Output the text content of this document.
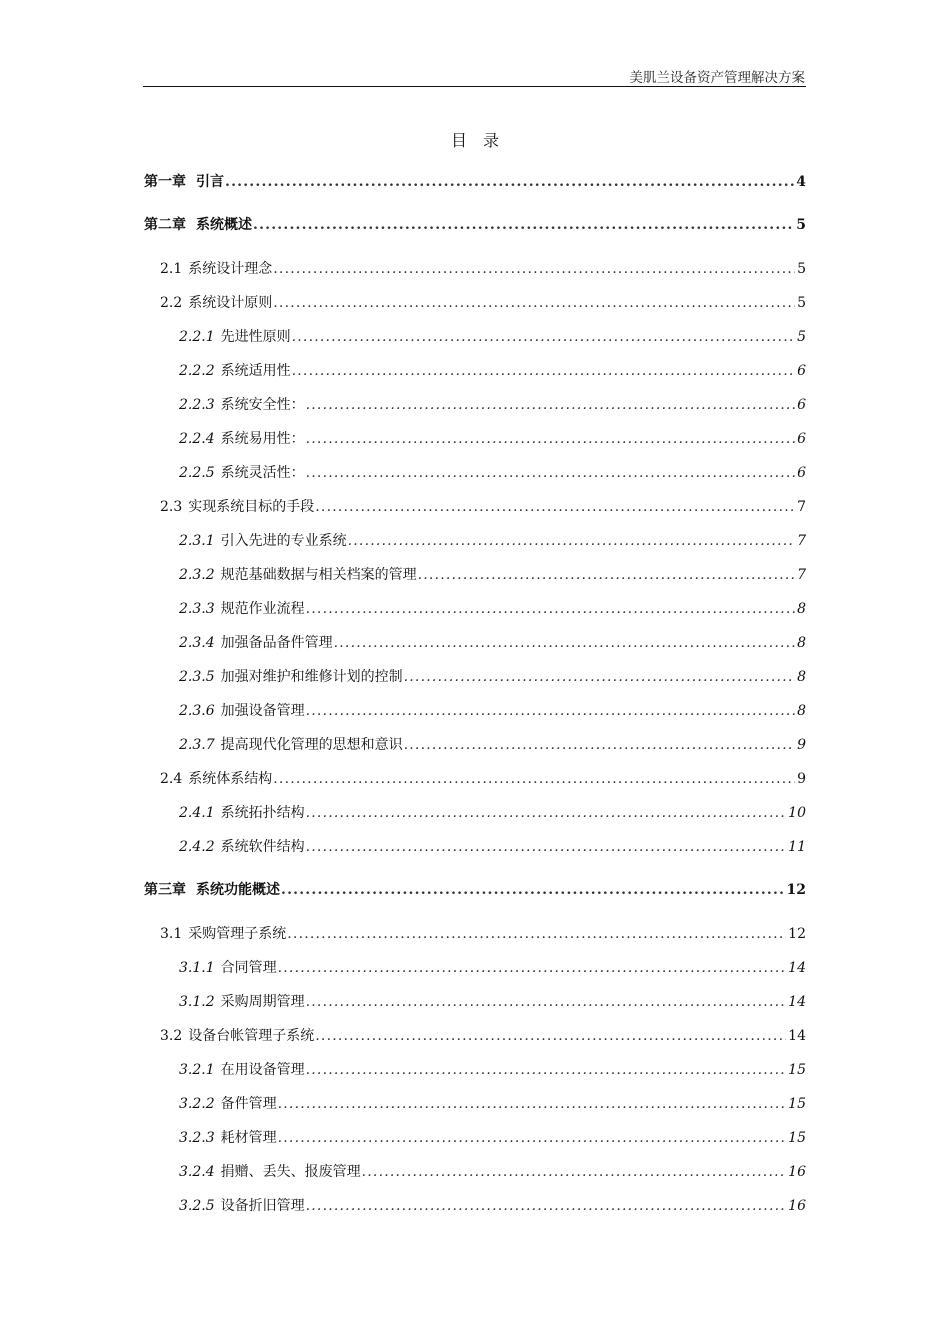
美肌兰设备资产管理解决方案
目录
第一章 引言 .....	4
第二章 系统概述 .....	5
2.1 系统设计理念 .....	5
2.2 系统设计原则 .....	5
2.2.1 先进性原则 .....	5
2.2.2 系统适用性 .....	6
2.2.3 系统安全性： .....	6
2.2.4 系统易用性： .....	6
2.2.5 系统灵活性： .....	6
2.3 实现系统目标的手段 .....	7
2.3.1 引入先进的专业系统 .....	7
2.3.2 规范基础数据与相关档案的管理 .....	7
2.3.3 规范作业流程 .....	8
2.3.4 加强备品备件管理 .....	8
2.3.5 加强对维护和维修计划的控制 .....	8
2.3.6 加强设备管理 .....	8
2.3.7 提高现代化管理的思想和意识 .....	9
2.4 系统体系结构 .....	9
2.4.1 系统拓扑结构 .....	10
2.4.2 系统软件结构 .....	11
第三章 系统功能概述 .....	12
3.1 采购管理子系统 .....	12
3.1.1 合同管理 .....	14
3.1.2 采购周期管理 .....	14
3.2 设备台帐管理子系统 .....	14
3.2.1 在用设备管理 .....	15
3.2.2 备件管理 .....	15
3.2.3 耗材管理 .....	15
3.2.4 捐赠、丢失、报废管理 .....	16
3.2.5 设备折旧管理 .....	16
